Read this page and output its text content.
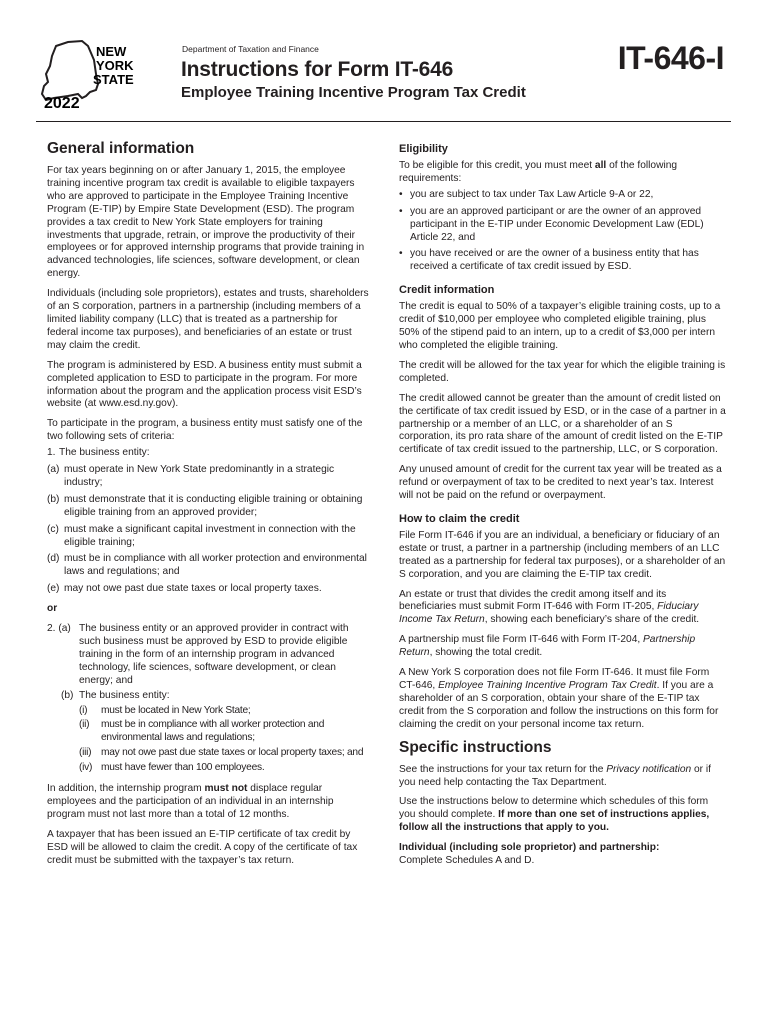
NEW
YORK
STATE
2022
Department of Taxation and Finance
Instructions for Form IT-646
Employee Training Incentive Program Tax Credit
IT-646-I
General information

For tax years beginning on or after January 1, 2015, the employee training incentive program tax credit is available to eligible taxpayers who are approved to participate in the Employee Training Incentive Program (E-TIP) by Empire State Development (ESD). The program provides a tax credit to New York State employers for training investments that upgrade, retrain, or improve the productivity of their employees or for approved internship programs that provide training in advanced technologies, life sciences, software development, or clean energy.

Individuals (including sole proprietors), estates and trusts, shareholders of an S corporation, partners in a partnership (including members of a limited liability company (LLC) that is treated as a partnership for federal income tax purposes), and beneficiaries of an estate or trust may claim the credit.

The program is administered by ESD. A business entity must submit a completed application to ESD to participate in the program. For more information about the program and the application process visit ESD’s website (at www.esd.ny.gov).

To participate in the program, a business entity must satisfy one of the two following sets of criteria:

1. The business entity:
(a) must operate in New York State predominantly in a strategic industry;
(b) must demonstrate that it is conducting eligible training or obtaining eligible training from an approved provider;
(c) must make a significant capital investment in connection with the eligible training;
(d) must be in compliance with all worker protection and environmental laws and regulations; and
(e) may not owe past due state taxes or local property taxes.
or
2. (a) The business entity or an approved provider in contract with such business must be approved by ESD to provide eligible training in the form of an internship program in advanced technology, life sciences, software development, or clean energy; and
(b) The business entity:
(i) must be located in New York State;
(ii) must be in compliance with all worker protection and environmental laws and regulations;
(iii) may not owe past due state taxes or local property taxes; and
(iv) must have fewer than 100 employees.

In addition, the internship program must not displace regular employees and the participation of an individual in an internship program must not last more than a total of 12 months.

A taxpayer that has been issued an E-TIP certificate of tax credit by ESD will be allowed to claim the credit. A copy of the certificate of tax credit must be submitted with the taxpayer’s tax return.

Eligibility

To be eligible for this credit, you must meet all of the following requirements:

• you are subject to tax under Tax Law Article 9-A or 22,
• you are an approved participant or are the owner of an approved participant in the E-TIP under Economic Development Law (EDL) Article 22, and
• you have received or are the owner of a business entity that has received a certificate of tax credit issued by ESD.
Credit information

The credit is equal to 50% of a taxpayer’s eligible training costs, up to a credit of $10,000 per employee who completed eligible training, plus 50% of the stipend paid to an intern, up to a credit of $3,000 per intern who completed the eligible training.

The credit will be allowed for the tax year for which the eligible training is completed.

The credit allowed cannot be greater than the amount of credit listed on the certificate of tax credit issued by ESD, or in the case of a partner in a partnership or a member of an LLC, or a shareholder of an S corporation, its pro rata share of the amount of credit listed on the E-TIP certificate of tax credit issued to the partnership, LLC, or S corporation.

Any unused amount of credit for the current tax year will be treated as a refund or overpayment of tax to be credited to next year’s tax. Interest will not be paid on the refund or overpayment.

How to claim the credit

File Form IT-646 if you are an individual, a beneficiary or fiduciary of an estate or trust, a partner in a partnership (including members of an LLC treated as a partnership for federal tax purposes), or a shareholder of an S corporation, and you are claiming the E-TIP tax credit.

An estate or trust that divides the credit among itself and its beneficiaries must submit Form IT-646 with Form IT-205, Fiduciary Income Tax Return, showing each beneficiary’s share of the credit.

A partnership must file Form IT-646 with Form IT-204, Partnership Return, showing the total credit.

A New York S corporation does not file Form IT-646. It must file Form CT-646, Employee Training Incentive Program Tax Credit. If you are a shareholder of an S corporation, obtain your share of the E-TIP tax credit from the S corporation and follow the instructions on this form for claiming the credit on your personal income tax return.

Specific instructions

See the instructions for your tax return for the Privacy notification or if you need help contacting the Tax Department.

Use the instructions below to determine which schedules of this form you should complete. If more than one set of instructions applies, follow all the instructions that apply to you.

Individual (including sole proprietor) and partnership:
Complete Schedules A and D.
